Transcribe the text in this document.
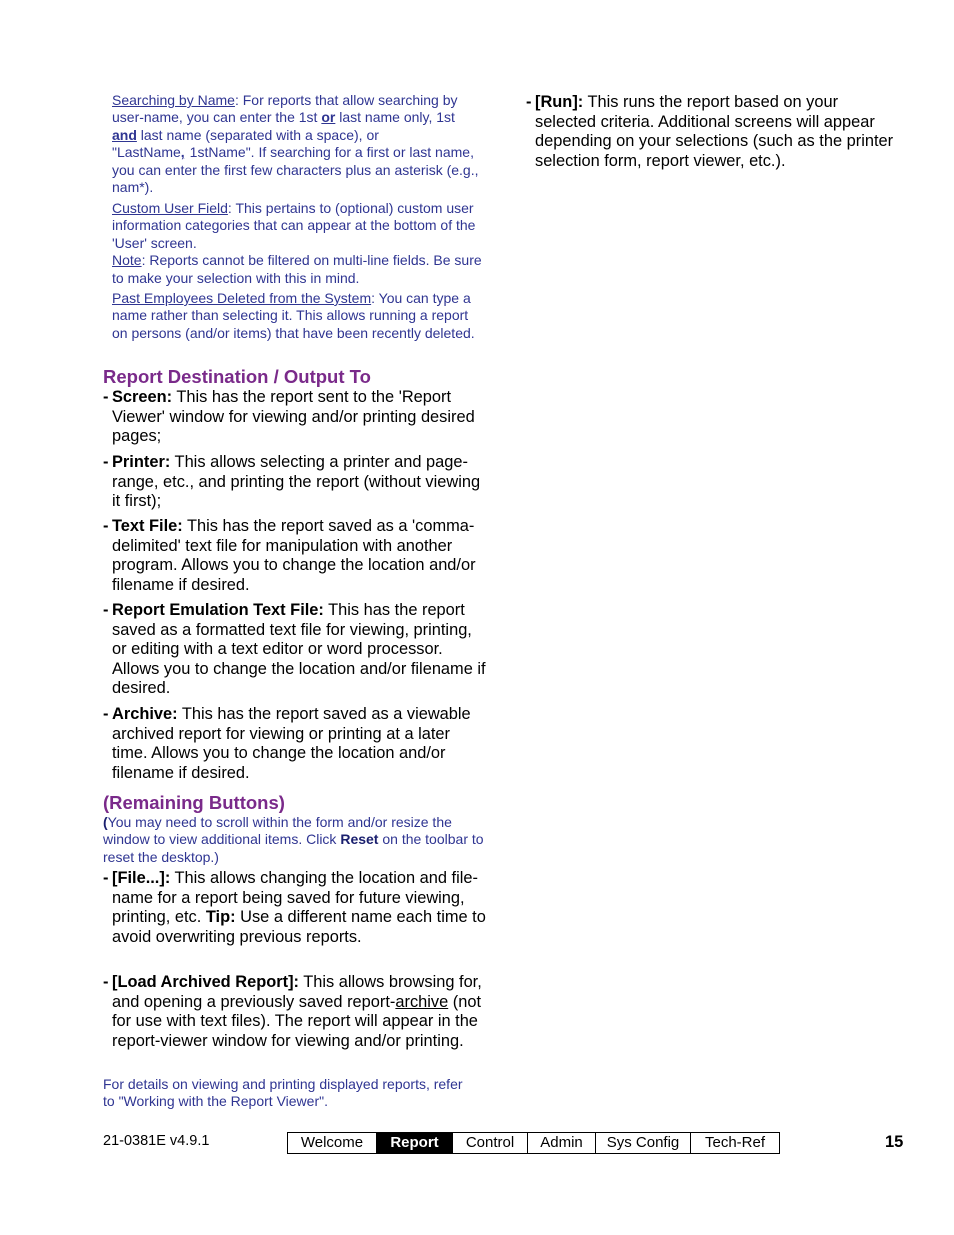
Searching by Name: For reports that allow searching by user-name, you can enter the 1st or last name only, 1st and last name (separated with a space), or "LastName, 1stName". If searching for a first or last name, you can enter the first few characters plus an asterisk (e.g., nam*).
Custom User Field: This pertains to (optional) custom user information categories that can appear at the bottom of the 'User' screen.
Note: Reports cannot be filtered on multi-line fields. Be sure to make your selection with this in mind.
Past Employees Deleted from the System: You can type a name rather than selecting it. This allows running a report on persons (and/or items) that have been recently deleted.
Report Destination / Output To
- Screen: This has the report sent to the 'Report Viewer' window for viewing and/or printing desired pages;
- Printer: This allows selecting a printer and page-range, etc., and printing the report (without viewing it first);
- Text File: This has the report saved as a 'comma-delimited' text file for manipulation with another program. Allows you to change the location and/or filename if desired.
- Report Emulation Text File: This has the report saved as a formatted text file for viewing, printing, or editing with a text editor or word processor. Allows you to change the location and/or filename if desired.
- Archive: This has the report saved as a viewable archived report for viewing or printing at a later time. Allows you to change the location and/or filename if desired.
(Remaining Buttons)
(You may need to scroll within the form and/or resize the window to view additional items. Click Reset on the toolbar to reset the desktop.)
- [File...]: This allows changing the location and file-name for a report being saved for future viewing, printing, etc. Tip: Use a different name each time to avoid overwriting previous reports.
- [Load Archived Report]: This allows browsing for, and opening a previously saved report-archive (not for use with text files). The report will appear in the report-viewer window for viewing and/or printing.
For details on viewing and printing displayed reports, refer to "Working with the Report Viewer".
- [Run]: This runs the report based on your selected criteria. Additional screens will appear depending on your selections (such as the printer selection form, report viewer, etc.).
21-0381E v4.9.1	Welcome	Report	Control	Admin	Sys Config	Tech-Ref	15
